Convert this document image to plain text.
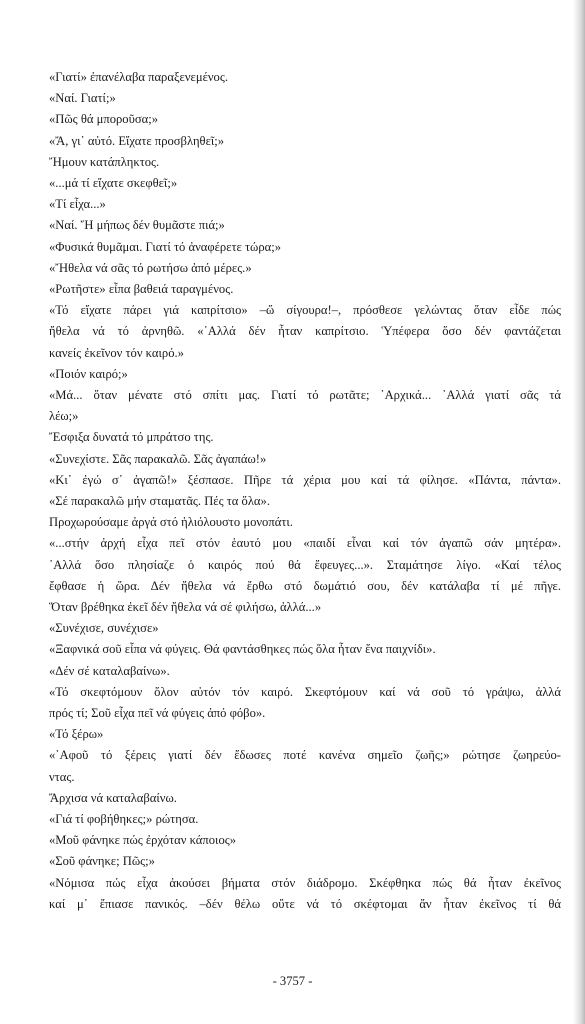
«Γιατί» ἐπανέλαβα παραξενεμένος.
«Ναί. Γιατί;»
«Πῶς θά μποροῦσα;»
«Ἄ, γι᾿ αὐτό. Εἴχατε προσβληθεῖ;»
Ἤμουν κατάπληκτος.
«...μά τί εἴχατε σκεφθεῖ;»
«Τί εἶχα...»
«Ναί. Ἤ μήπως δέν θυμᾶστε πιά;»
«Φυσικά θυμᾶμαι. Γιατί τό ἀναφέρετε τώρα;»
«Ἤθελα νά σᾶς τό ρωτήσω ἀπό μέρες.»
«Ρωτῆστε» εἶπα βαθειά ταραγμένος.
«Τό εἴχατε πάρει γιά καπρίτσιο» –ὤ σίγουρα!–, πρόσθεσε γελώντας ὅταν εἶδε πώς
ἤθελα νά τό ἀρνηθῶ. «᾿Αλλά δέν ἦταν καπρίτσιο. Ὑπέφερα ὅσο δέν φαντάζεται
κανείς ἐκεῖνον τόν καιρό.»
«Ποιόν καιρό;»
«Μά... ὅταν μένατε στό σπίτι μας. Γιατί τό ρωτᾶτε; ᾿Αρχικά... ᾿Αλλά γιατί σᾶς τά
λέω;»
Ἔσφιξα δυνατά τό μπράτσο της.
«Συνεχίστε. Σᾶς παρακαλῶ. Σᾶς ἀγαπάω!»
«Κι᾿ ἐγώ σ᾿ ἀγαπῶ!» ξέσπασε. Πῆρε τά χέρια μου καί τά φίλησε. «Πάντα, πάντα».
«Σέ παρακαλῶ μήν σταματᾶς. Πές τα ὅλα».
Προχωρούσαμε ἀργά στό ἡλιόλουστο μονοπάτι.
«...στήν ἀρχή εἶχα πεῖ στόν ἑαυτό μου «παιδί εἶναι καί τόν ἀγαπῶ σάν μητέρα».
᾿Αλλά ὅσο πλησίαζε ὁ καιρός πού θά ἔφευγες...». Σταμάτησε λίγο. «Καί τέλος
ἔφθασε ἡ ὥρα. Δέν ἤθελα νά ἔρθω στό δωμάτιό σου, δέν κατάλαβα τί μέ πῆγε.
Ὅταν βρέθηκα ἐκεῖ δέν ἤθελα νά σέ φιλήσω, ἀλλά...»
«Συνέχισε, συνέχισε»
«Ξαφνικά σοῦ εἶπα νά φύγεις. Θά φαντάσθηκες πώς ὅλα ἦταν ἕνα παιχνίδι».
«Δέν σέ καταλαβαίνω».
«Τό σκεφτόμουν ὅλον αὐτόν τόν καιρό. Σκεφτόμουν καί νά σοῦ τό γράψω, ἀλλά
πρός τί; Σοῦ εἶχα πεῖ νά φύγεις ἀπό φόβο».
«Τό ξέρω»
«᾿Αφοῦ τό ξέρεις γιατί δέν ἔδωσες ποτέ κανένα σημεῖο ζωῆς;» ρώτησε ζωηρεύο-
ντας.
Ἄρχισα νά καταλαβαίνω.
«Γιά τί φοβήθηκες;» ρώτησα.
«Μοῦ φάνηκε πώς ἐρχόταν κάποιος»
«Σοῦ φάνηκε; Πῶς;»
«Νόμισα πώς εἶχα ἀκούσει βήματα στόν διάδρομο. Σκέφθηκα πώς θά ἦταν ἐκεῖνος
καί μ᾿ ἔπιασε πανικός. –δέν θέλω οὔτε νά τό σκέφτομαι ἄν ἦταν ἐκεῖνος τί θά
- 3757 -
